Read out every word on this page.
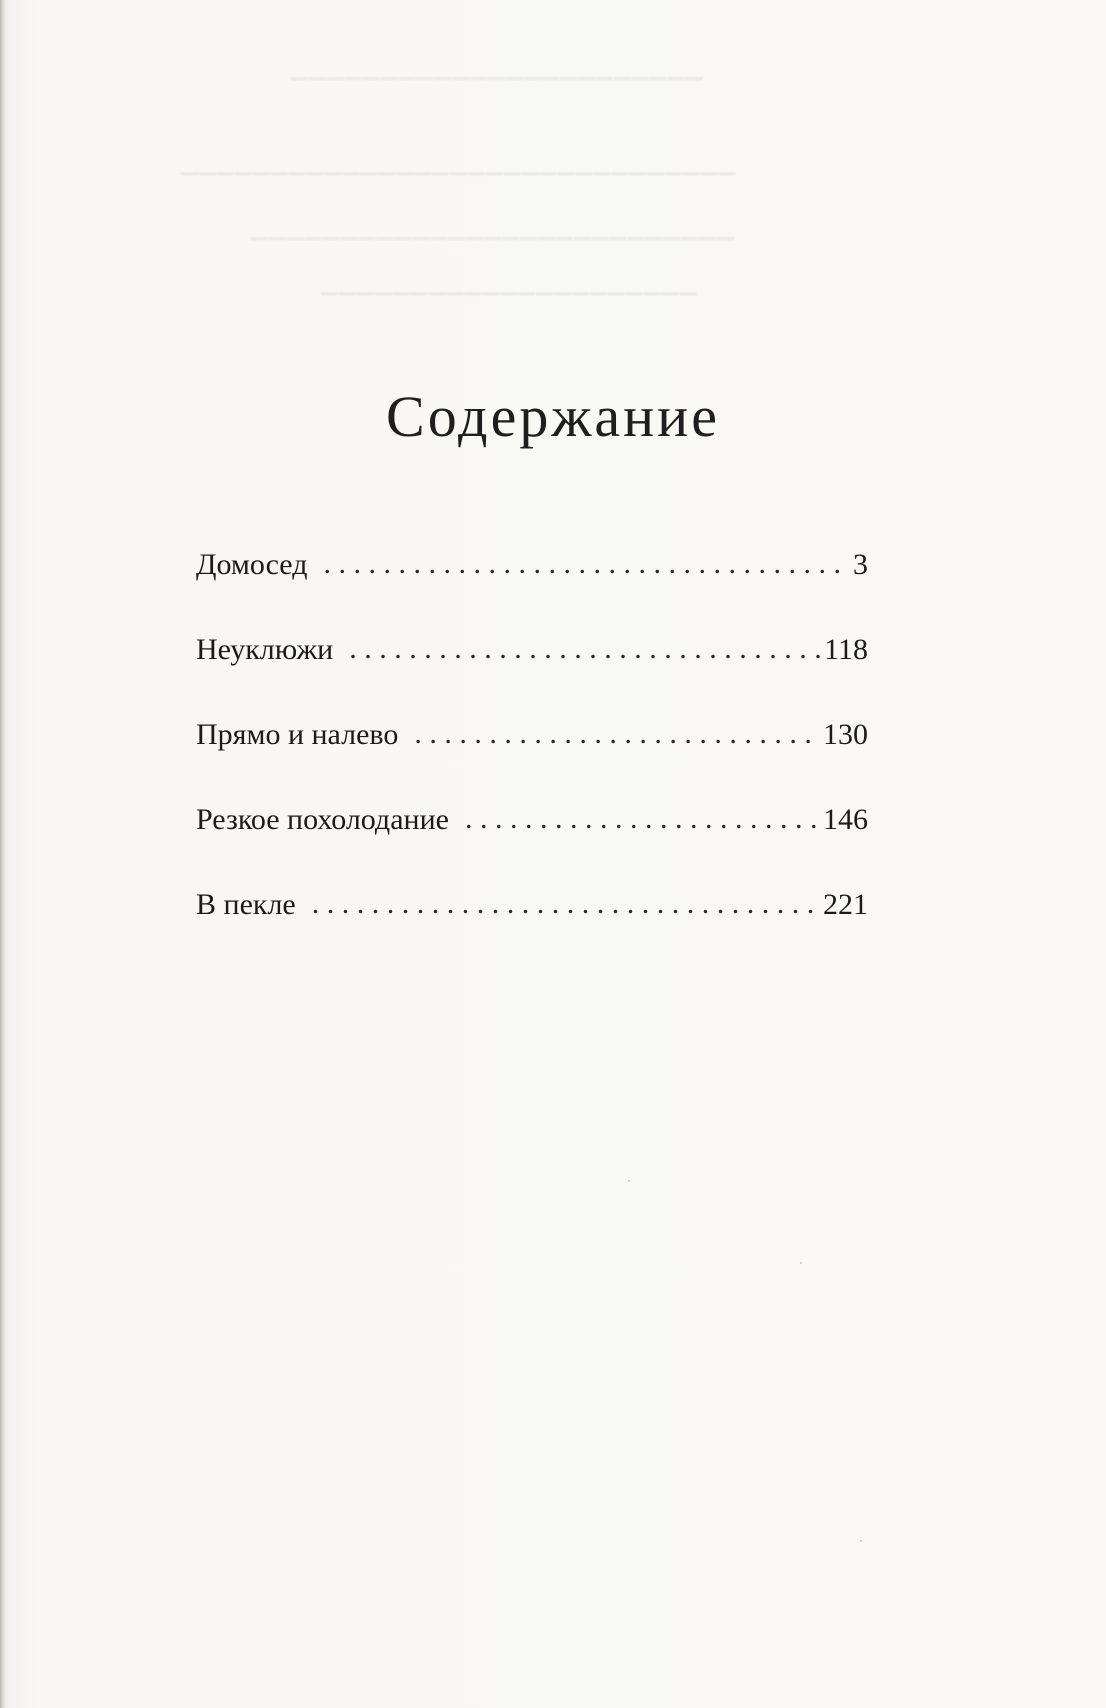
​▁▁▁▁▁▁▁▁▁▁▁▁▁▁▁▁▁▁▁▁▁▁▁
​▁▁▁▁▁▁▁▁▁▁▁▁▁▁▁▁▁▁▁▁▁▁▁▁▁▁▁▁▁▁▁
​▁▁▁▁▁▁▁▁▁▁▁▁▁▁▁▁▁▁▁▁▁▁▁▁▁▁▁
​▁▁▁▁▁▁▁▁▁▁▁▁▁▁▁▁▁▁▁▁▁
Содержание
Домосед . . .	3
Неуклюжи . . .	118
Прямо и налево . . .	130
Резкое похолодание . . .	146
В пекле . . .	221
